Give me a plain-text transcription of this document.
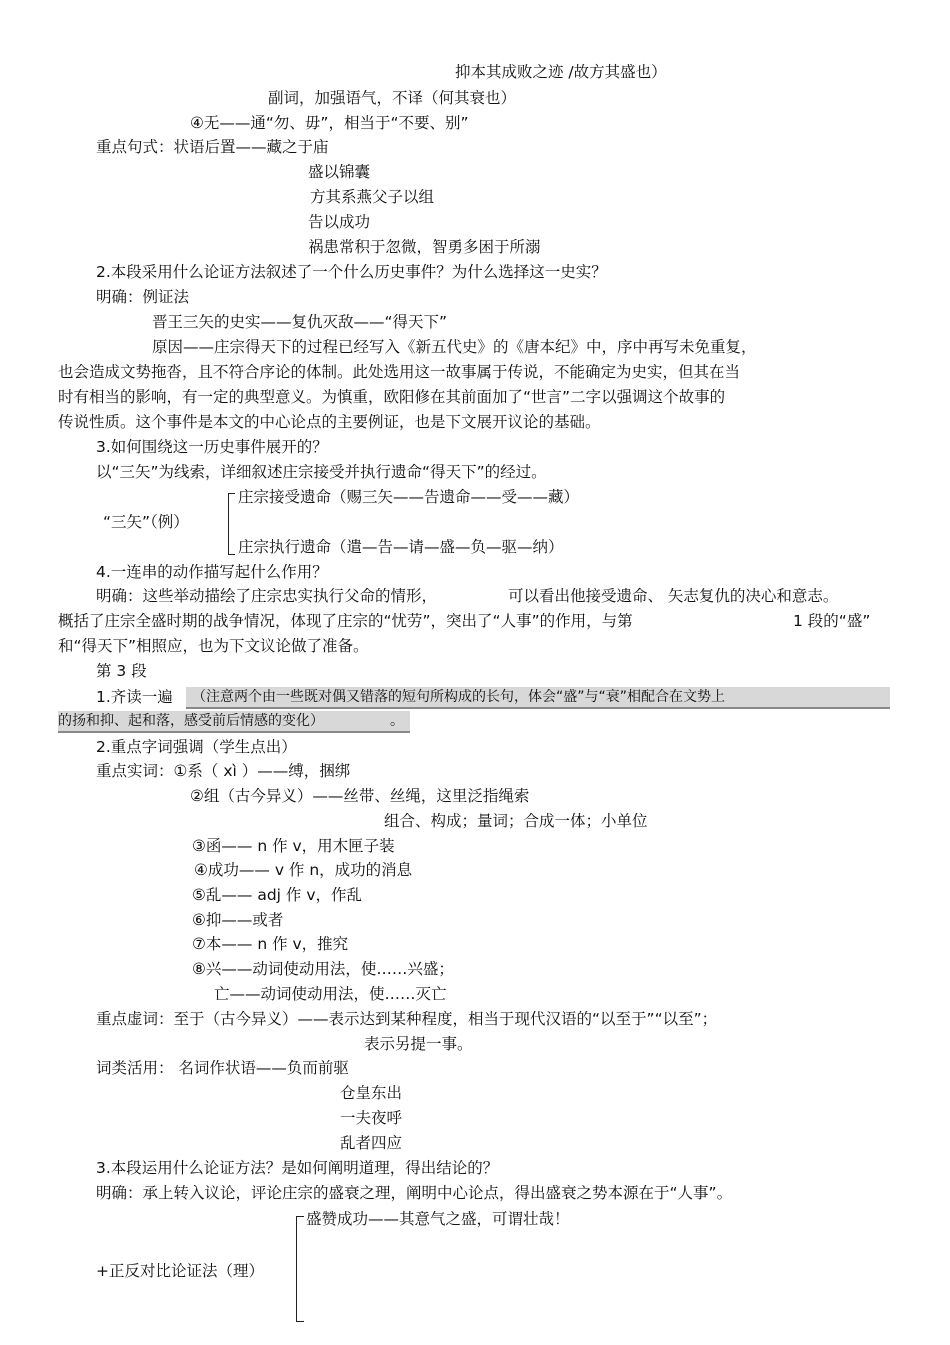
抑本其成败之迹 /故方其盛也）
副词，加强语气，不译（何其衰也）
④无——通“勿、毋”，相当于“不要、别”
重点句式：状语后置——藏之于庙
盛以锦囊
方其系燕父子以组
告以成功
祸患常积于忽微，智勇多困于所溺
2.本段采用什么论证方法叙述了一个什么历史事件？为什么选择这一史实？
明确：例证法
晋王三矢的史实——复仇灭敌——“得天下”
原因——庄宗得天下的过程已经写入《新五代史》的《唐本纪》中，序中再写未免重复，
也会造成文势拖沓，且不符合序论的体制。此处选用这一故事属于传说，不能确定为史实，但其在当
时有相当的影响，有一定的典型意义。为慎重，欧阳修在其前面加了“世言”二字以强调这个故事的
传说性质。这个事件是本文的中心论点的主要例证，也是下文展开议论的基础。
3.如何围绕这一历史事件展开的？
以“三矢”为线索，详细叙述庄宗接受并执行遗命“得天下”的经过。
庄宗接受遗命（赐三矢——告遗命——受——藏）
“三矢”（例）
庄宗执行遗命（遣—告—请—盛—负—驱—纳）
4.一连串的动作描写起什么作用？
明确：这些举动描绘了庄宗忠实执行父命的情形，	可以看出他接受遗命、 矢志复仇的决心和意志。
概括了庄宗全盛时期的战争情况，体现了庄宗的“忧劳”，突出了“人事”的作用，与第	1 段的“盛”
和“得天下”相照应，也为下文议论做了准备。
第 3 段
1.齐读一遍 （注意两个由一些既对偶又错落的短句所构成的长句，体会“盛”与“衰”相配合在文势上
的扬和抑、起和落，感受前后情感的变化）	。
2.重点字词强调（学生点出）
重点实词：①系（ xì ）——缚，捆绑
②组（古今异义）——丝带、丝绳，这里泛指绳索
组合、构成；量词；合成一体；小单位
③函—— n 作 v，用木匣子装
④成功—— v 作 n，成功的消息
⑤乱—— adj 作 v，作乱
⑥抑——或者
⑦本—— n 作 v，推究
⑧兴——动词使动用法，使……兴盛；
亡——动词使动用法，使……灭亡
重点虚词：至于（古今异义）——表示达到某种程度，相当于现代汉语的“以至于”“以至”；
表示另提一事。
词类活用： 名词作状语——负而前驱
仓皇东出
一夫夜呼
乱者四应
3.本段运用什么论证方法？是如何阐明道理，得出结论的？
明确：承上转入议论，评论庄宗的盛衰之理，阐明中心论点，得出盛衰之势本源在于“人事”。
盛赞成功——其意气之盛，可谓壮哉！
+正反对比论证法（理）
